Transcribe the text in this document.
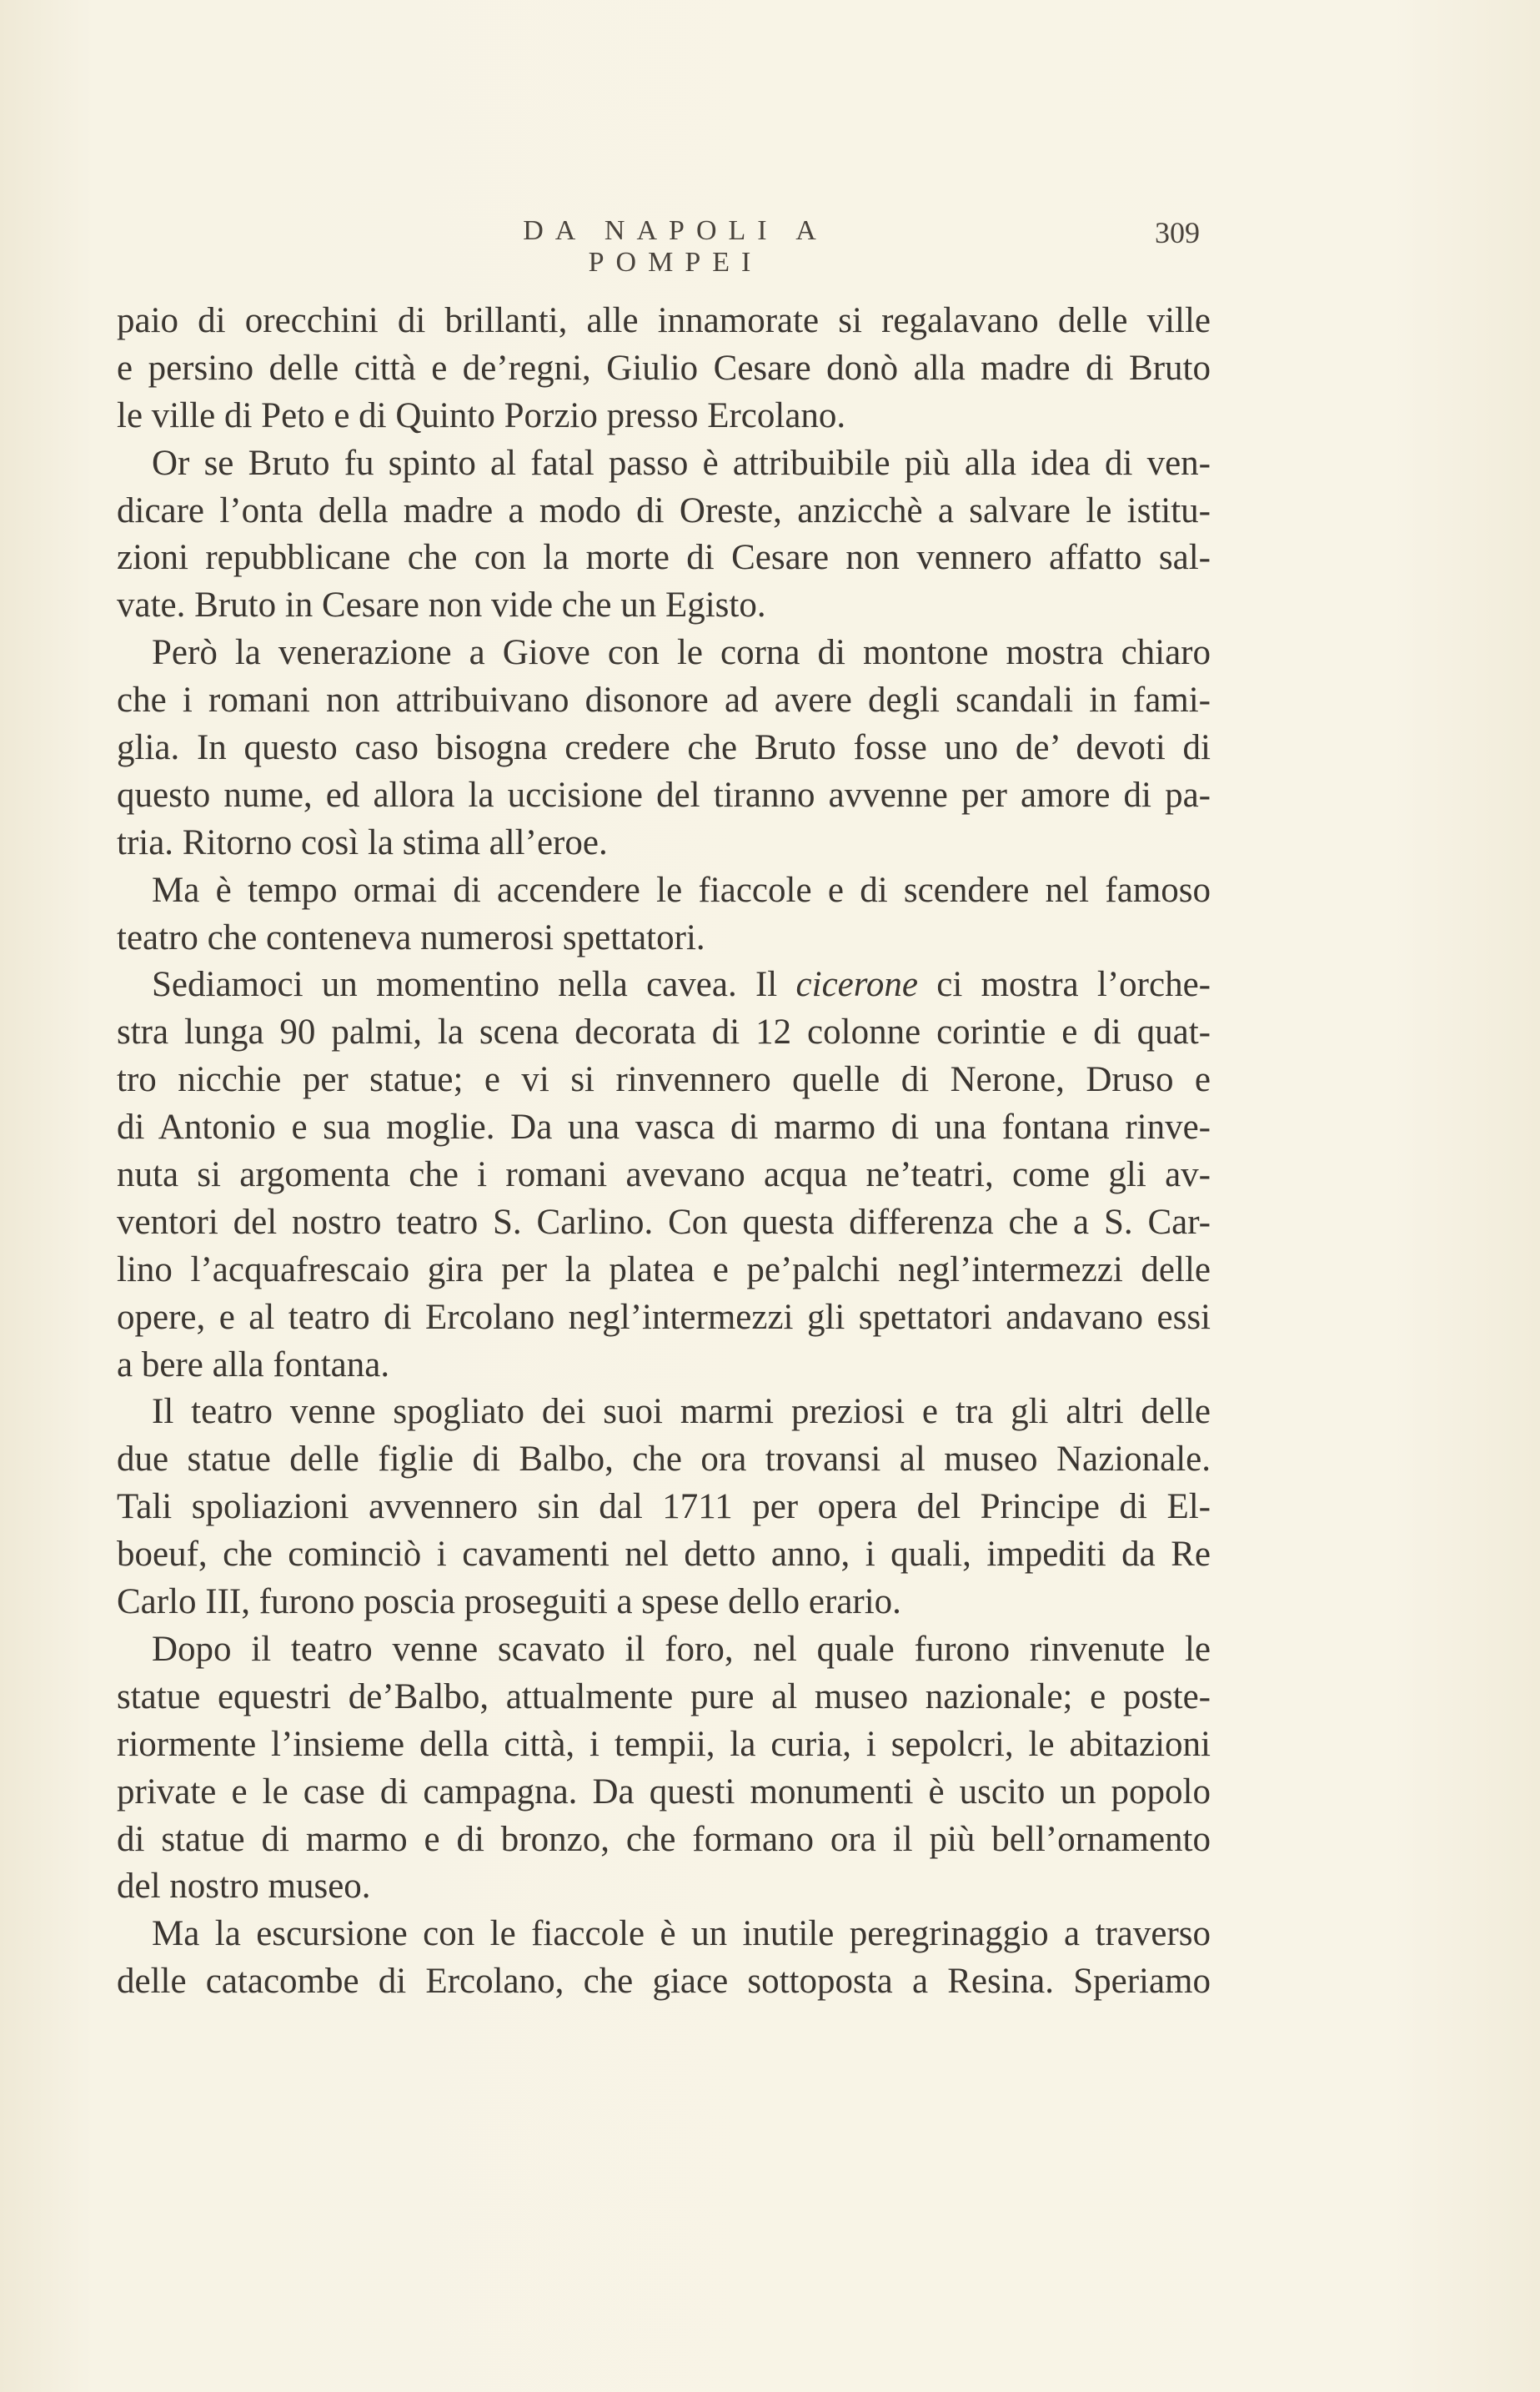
DA NAPOLI A POMPEI
309
paio di orecchini di brillanti, alle innamorate si regalavano delle ville
e persino delle città e de’regni, Giulio Cesare donò alla madre di Bruto
le ville di Peto e di Quinto Porzio presso Ercolano.
Or se Bruto fu spinto al fatal passo è attribuibile più alla idea di ven-
dicare l’onta della madre a modo di Oreste, anzicchè a salvare le istitu-
zioni repubblicane che con la morte di Cesare non vennero affatto sal-
vate. Bruto in Cesare non vide che un Egisto.
Però la venerazione a Giove con le corna di montone mostra chiaro
che i romani non attribuivano disonore ad avere degli scandali in fami-
glia. In questo caso bisogna credere che Bruto fosse uno de’ devoti di
questo nume, ed allora la uccisione del tiranno avvenne per amore di pa-
tria. Ritorno così la stima all’eroe.
Ma è tempo ormai di accendere le fiaccole e di scendere nel famoso
teatro che conteneva numerosi spettatori.
Sediamoci un momentino nella cavea. Il cicerone ci mostra l’orche-
stra lunga 90 palmi, la scena decorata di 12 colonne corintie e di quat-
tro nicchie per statue; e vi si rinvennero quelle di Nerone, Druso e
di Antonio e sua moglie. Da una vasca di marmo di una fontana rinve-
nuta si argomenta che i romani avevano acqua ne’teatri, come gli av-
ventori del nostro teatro S. Carlino. Con questa differenza che a S. Car-
lino l’acquafrescaio gira per la platea e pe’palchi negl’intermezzi delle
opere, e al teatro di Ercolano negl’intermezzi gli spettatori andavano essi
a bere alla fontana.
Il teatro venne spogliato dei suoi marmi preziosi e tra gli altri delle
due statue delle figlie di Balbo, che ora trovansi al museo Nazionale.
Tali spoliazioni avvennero sin dal 1711 per opera del Principe di El-
boeuf, che cominciò i cavamenti nel detto anno, i quali, impediti da Re
Carlo III, furono poscia proseguiti a spese dello erario.
Dopo il teatro venne scavato il foro, nel quale furono rinvenute le
statue equestri de’Balbo, attualmente pure al museo nazionale; e poste-
riormente l’insieme della città, i tempii, la curia, i sepolcri, le abitazioni
private e le case di campagna. Da questi monumenti è uscito un popolo
di statue di marmo e di bronzo, che formano ora il più bell’ornamento
del nostro museo.
Ma la escursione con le fiaccole è un inutile peregrinaggio a traverso
delle catacombe di Ercolano, che giace sottoposta a Resina. Speriamo
